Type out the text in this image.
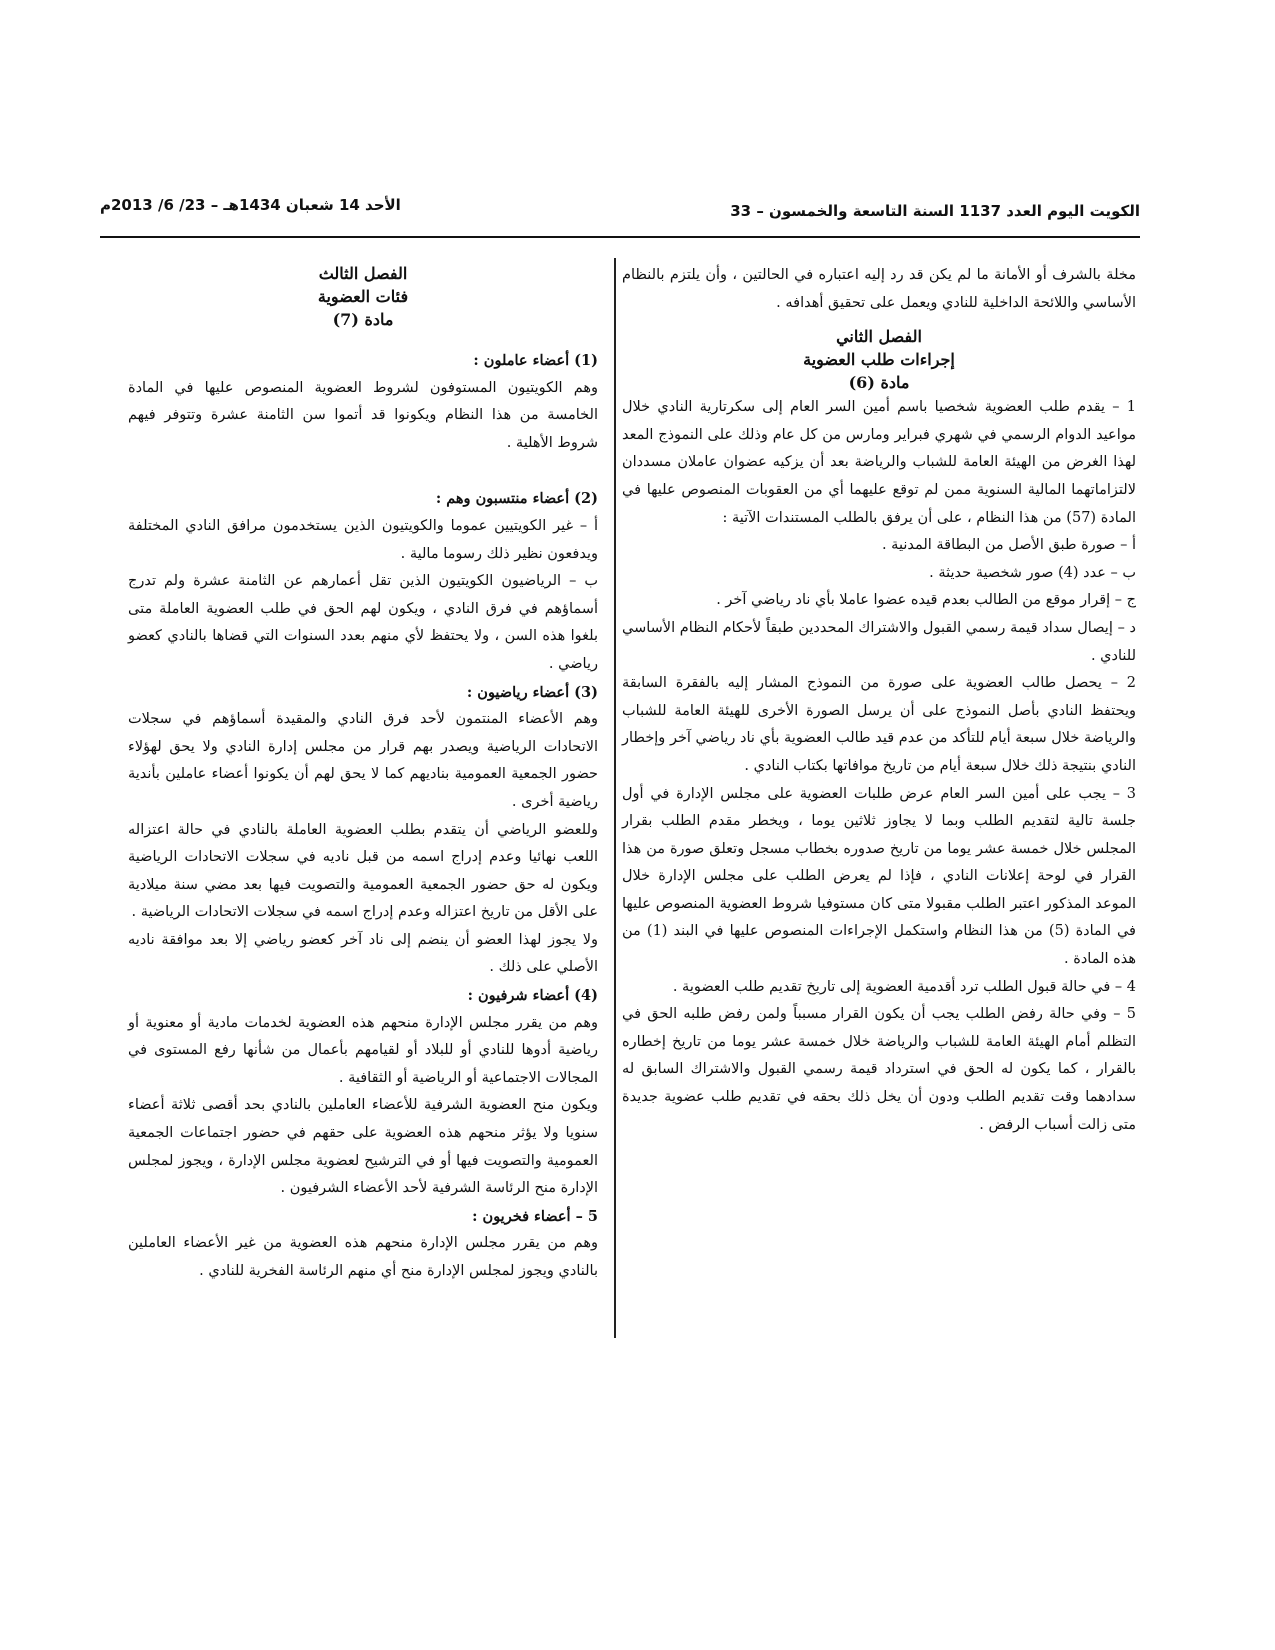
الكويت اليوم العدد 1137 السنة التاسعة والخمسون – 33
الأحد 14 شعبان 1434هـ – 23/ 6/ 2013م

مخلة بالشرف أو الأمانة ما لم يكن قد رد إليه اعتباره في الحالتين ، وأن يلتزم بالنظام الأساسي واللائحة الداخلية للنادي ويعمل على تحقيق أهدافه .

الفصل الثاني

إجراءات طلب العضوية

مادة (6)

1 – يقدم طلب العضوية شخصيا باسم أمين السر العام إلى سكرتارية النادي خلال مواعيد الدوام الرسمي في شهري فبراير ومارس من كل عام وذلك على النموذج المعد لهذا الغرض من الهيئة العامة للشباب والرياضة بعد أن يزكيه عضوان عاملان مسددان لالتزاماتهما المالية السنوية ممن لم توقع عليهما أي من العقوبات المنصوص عليها في المادة (57) من هذا النظام ، على أن يرفق بالطلب المستندات الآتية :

أ – صورة طبق الأصل من البطاقة المدنية .

ب – عدد (4) صور شخصية حديثة .

ج – إقرار موقع من الطالب بعدم قيده عضوا عاملا بأي ناد رياضي آخر .

د – إيصال سداد قيمة رسمي القبول والاشتراك المحددين طبقاً لأحكام النظام الأساسي للنادي .

2 – يحصل طالب العضوية على صورة من النموذج المشار إليه بالفقرة السابقة ويحتفظ النادي بأصل النموذج على أن يرسل الصورة الأخرى للهيئة العامة للشباب والرياضة خلال سبعة أيام للتأكد من عدم قيد طالب العضوية بأي ناد رياضي آخر وإخطار النادي بنتيجة ذلك خلال سبعة أيام من تاريخ موافاتها بكتاب النادي .

3 – يجب على أمين السر العام عرض طلبات العضوية على مجلس الإدارة في أول جلسة تالية لتقديم الطلب وبما لا يجاوز ثلاثين يوما ، ويخطر مقدم الطلب بقرار المجلس خلال خمسة عشر يوما من تاريخ صدوره بخطاب مسجل وتعلق صورة من هذا القرار في لوحة إعلانات النادي ، فإذا لم يعرض الطلب على مجلس الإدارة خلال الموعد المذكور اعتبر الطلب مقبولا متى كان مستوفيا شروط العضوية المنصوص عليها في المادة (5) من هذا النظام واستكمل الإجراءات المنصوص عليها في البند (1) من هذه المادة .

4 – في حالة قبول الطلب ترد أقدمية العضوية إلى تاريخ تقديم طلب العضوية .

5 – وفي حالة رفض الطلب يجب أن يكون القرار مسبباً ولمن رفض طلبه الحق في التظلم أمام الهيئة العامة للشباب والرياضة خلال خمسة عشر يوما من تاريخ إخطاره بالقرار ، كما يكون له الحق في استرداد قيمة رسمي القبول والاشتراك السابق له سدادهما وقت تقديم الطلب ودون أن يخل ذلك بحقه في تقديم طلب عضوية جديدة متى زالت أسباب الرفض .

الفصل الثالث

فئات العضوية

مادة (7)

(1) أعضاء عاملون :

وهم الكويتيون المستوفون لشروط العضوية المنصوص عليها في المادة الخامسة من هذا النظام ويكونوا قد أتموا سن الثامنة عشرة وتتوفر فيهم شروط الأهلية .

(2) أعضاء منتسبون وهم :

أ – غير الكويتيين عموما والكويتيون الذين يستخدمون مرافق النادي المختلفة ويدفعون نظير ذلك رسوما مالية .

ب – الرياضيون الكويتيون الذين تقل أعمارهم عن الثامنة عشرة ولم تدرج أسماؤهم في فرق النادي ، ويكون لهم الحق في طلب العضوية العاملة متى بلغوا هذه السن ، ولا يحتفظ لأي منهم بعدد السنوات التي قضاها بالنادي كعضو رياضي .

(3) أعضاء رياضيون :

وهم الأعضاء المنتمون لأحد فرق النادي والمقيدة أسماؤهم في سجلات الاتحادات الرياضية ويصدر بهم قرار من مجلس إدارة النادي ولا يحق لهؤلاء حضور الجمعية العمومية بناديهم كما لا يحق لهم أن يكونوا أعضاء عاملين بأندية رياضية أخرى .

وللعضو الرياضي أن يتقدم بطلب العضوية العاملة بالنادي في حالة اعتزاله اللعب نهائيا وعدم إدراج اسمه من قبل ناديه في سجلات الاتحادات الرياضية ويكون له حق حضور الجمعية العمومية والتصويت فيها بعد مضي سنة ميلادية على الأقل من تاريخ اعتزاله وعدم إدراج اسمه في سجلات الاتحادات الرياضية .

ولا يجوز لهذا العضو أن ينضم إلى ناد آخر كعضو رياضي إلا بعد موافقة ناديه الأصلي على ذلك .

(4) أعضاء شرفيون :

وهم من يقرر مجلس الإدارة منحهم هذه العضوية لخدمات مادية أو معنوية أو رياضية أدوها للنادي أو للبلاد أو لقيامهم بأعمال من شأنها رفع المستوى في المجالات الاجتماعية أو الرياضية أو الثقافية .

ويكون منح العضوية الشرفية للأعضاء العاملين بالنادي بحد أقصى ثلاثة أعضاء سنويا ولا يؤثر منحهم هذه العضوية على حقهم في حضور اجتماعات الجمعية العمومية والتصويت فيها أو في الترشيح لعضوية مجلس الإدارة ، ويجوز لمجلس الإدارة منح الرئاسة الشرفية لأحد الأعضاء الشرفيون .

5 – أعضاء فخريون :

وهم من يقرر مجلس الإدارة منحهم هذه العضوية من غير الأعضاء العاملين بالنادي ويجوز لمجلس الإدارة منح أي منهم الرئاسة الفخرية للنادي .
